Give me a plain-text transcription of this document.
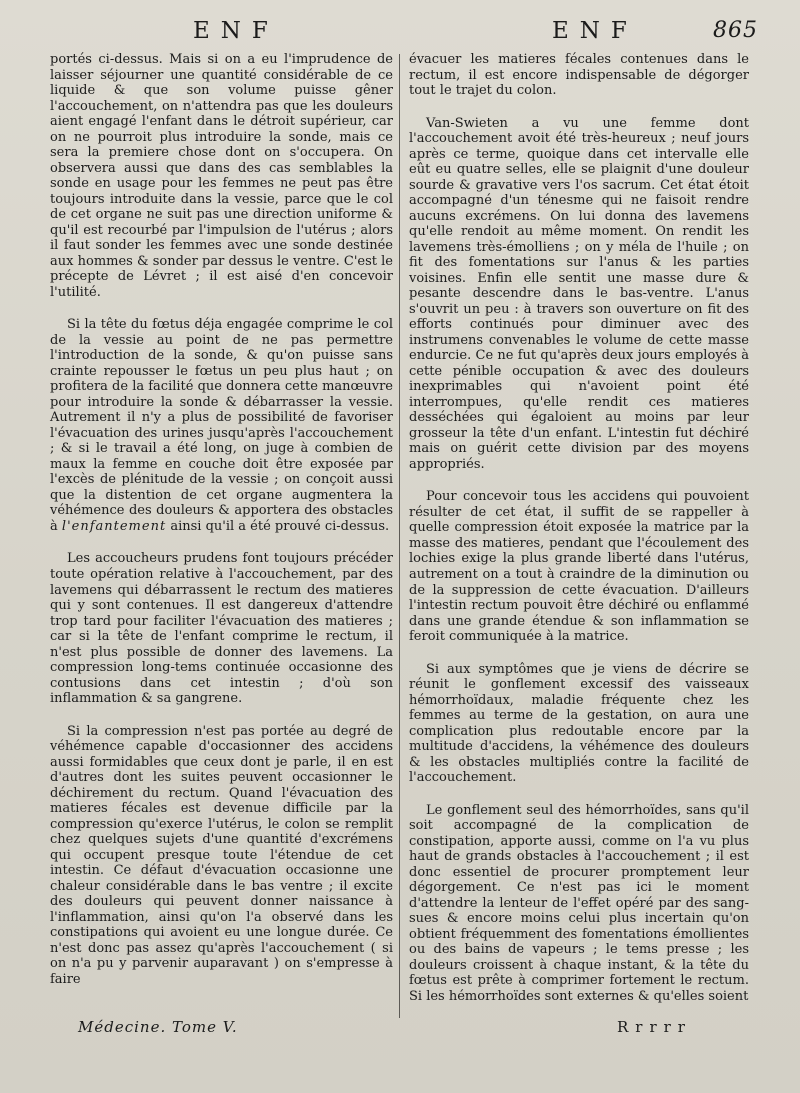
ENF	ENF	865

portés ci-dessus. Mais si on a eu l'imprudence de laisser séjourner une quantité considérable de ce liquide & que son volume puisse gêner l'accouchement, on n'attendra pas que les douleurs aient engagé l'enfant dans le détroit supérieur, car on ne pourroit plus introduire la sonde, mais ce sera la premiere chose dont on s'occupera. On observera aussi que dans des cas semblables la sonde en usage pour les femmes ne peut pas être toujours introduite dans la vessie, parce que le col de cet organe ne suit pas une direction uniforme & qu'il est recourbé par l'impulsion de l'utérus ; alors il faut sonder les femmes avec une sonde destinée aux hommes & sonder par dessus le ventre. C'est le précepte de Lévret ; il est aisé d'en concevoir l'utilité.

Si la tête du fœtus déja engagée comprime le col de la vessie au point de ne pas permettre l'introduction de la sonde, & qu'on puisse sans crainte repousser le fœtus un peu plus haut ; on profitera de la facilité que donnera cette manœuvre pour introduire la sonde & débarrasser la vessie. Autrement il n'y a plus de possibilité de favoriser l'évacuation des urines jusqu'après l'accouchement ; & si le travail a été long, on juge à combien de maux la femme en couche doit être exposée par l'excès de plénitude de la vessie ; on conçoit aussi que la distention de cet organe augmentera la véhémence des douleurs & apportera des obstacles à l'enfantement ainsi qu'il a été prouvé ci-dessus.

Les accoucheurs prudens font toujours précéder toute opération relative à l'accouchement, par des lavemens qui débarrassent le rectum des matieres qui y sont contenues. Il est dangereux d'attendre trop tard pour faciliter l'évacuation des matieres ; car si la tête de l'enfant comprime le rectum, il n'est plus possible de donner des lavemens. La compression long-tems continuée occasionne des contusions dans cet intestin ; d'où son inflammation & sa gangrene.

Si la compression n'est pas portée au degré de véhémence capable d'occasionner des accidens aussi formidables que ceux dont je parle, il en est d'autres dont les suites peuvent occasionner le déchirement du rectum. Quand l'évacuation des matieres fécales est devenue difficile par la compression qu'exerce l'utérus, le colon se remplit chez quelques sujets d'une quantité d'excrémens qui occupent presque toute l'étendue de cet intestin. Ce défaut d'évacuation occasionne une chaleur considérable dans le bas ventre ; il excite des douleurs qui peuvent donner naissance à l'inflammation, ainsi qu'on l'a observé dans les constipations qui avoient eu une longue durée. Ce n'est donc pas assez qu'après l'accouchement ( si on n'a pu y parvenir auparavant ) on s'empresse à faire

évacuer les matieres fécales contenues dans le rectum, il est encore indispensable de dégorger tout le trajet du colon.

Van-Swieten a vu une femme dont l'accouchement avoit été très-heureux ; neuf jours après ce terme, quoique dans cet intervalle elle eût eu quatre selles, elle se plaignit d'une douleur sourde & gravative vers l'os sacrum. Cet état étoit accompagné d'un ténesme qui ne faisoit rendre aucuns excrémens. On lui donna des lavemens qu'elle rendoit au même moment. On rendit les lavemens très-émolliens ; on y méla de l'huile ; on fit des fomentations sur l'anus & les parties voisines. Enfin elle sentit une masse dure & pesante descendre dans le bas-ventre. L'anus s'ouvrit un peu : à travers son ouverture on fit des efforts continués pour diminuer avec des instrumens convenables le volume de cette masse endurcie. Ce ne fut qu'après deux jours employés à cette pénible occupation & avec des douleurs inexprimables qui n'avoient point été interrompues, qu'elle rendit ces matieres desséchées qui égaloient au moins par leur grosseur la tête d'un enfant. L'intestin fut déchiré mais on guérit cette division par des moyens appropriés.

Pour concevoir tous les accidens qui pouvoient résulter de cet état, il suffit de se rappeller à quelle compression étoit exposée la matrice par la masse des matieres, pendant que l'écoulement des lochies exige la plus grande liberté dans l'utérus, autrement on a tout à craindre de la diminution ou de la suppression de cette évacuation. D'ailleurs l'intestin rectum pouvoit être déchiré ou enflammé dans une grande étendue & son inflammation se feroit communiquée à la matrice.

Si aux symptômes que je viens de décrire se réunit le gonflement excessif des vaisseaux hémorrhoïdaux, maladie fréquente chez les femmes au terme de la gestation, on aura une complication plus redoutable encore par la multitude d'accidens, la véhémence des douleurs & les obstacles multipliés contre la facilité de l'accouchement.

Le gonflement seul des hémorrhoïdes, sans qu'il soit accompagné de la complication de constipation, apporte aussi, comme on l'a vu plus haut de grands obstacles à l'accouchement ; il est donc essentiel de procurer promptement leur dégorgement. Ce n'est pas ici le moment d'attendre la lenteur de l'effet opéré par des sang-sues & encore moins celui plus incertain qu'on obtient fréquemment des fomentations émollientes ou des bains de vapeurs ; le tems presse ; les douleurs croissent à chaque instant, & la tête du fœtus est prête à comprimer fortement le rectum. Si les hémorrhoïdes sont externes & qu'elles soient

Médecine. Tome V.	Rrrrr
